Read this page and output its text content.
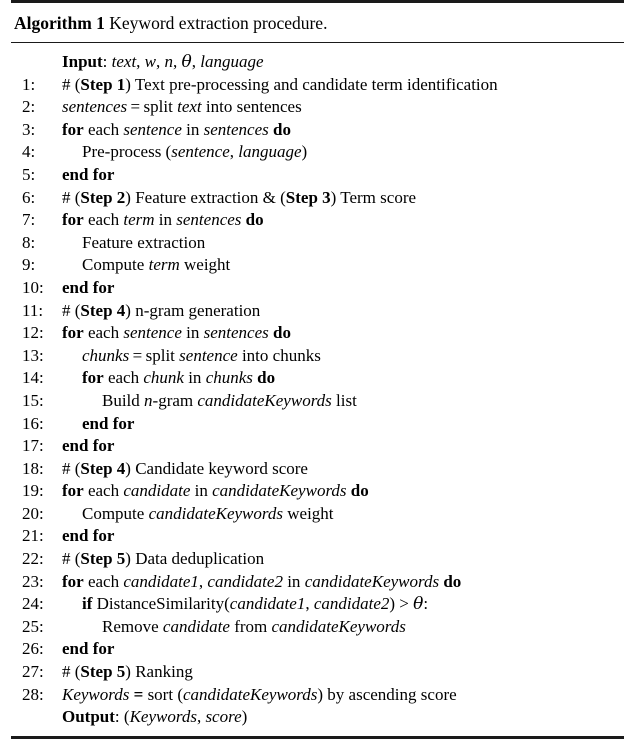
Algorithm 1 Keyword extraction procedure.
Input: text, w, n, θ, language
1:	# (Step 1) Text pre-processing and candidate term identification
2:	sentences = split text into sentences
3:	for each sentence in sentences do
4:	Pre-process (sentence, language)
5:	end for
6:	# (Step 2) Feature extraction & (Step 3) Term score
7:	for each term in sentences do
8:	Feature extraction
9:	Compute term weight
10:	end for
11:	# (Step 4) n-gram generation
12:	for each sentence in sentences do
13:	chunks = split sentence into chunks
14:	for each chunk in chunks do
15:	Build n-gram candidateKeywords list
16:	end for
17:	end for
18:	# (Step 4) Candidate keyword score
19:	for each candidate in candidateKeywords do
20:	Compute candidateKeywords weight
21:	end for
22:	# (Step 5) Data deduplication
23:	for each candidate1, candidate2 in candidateKeywords do
24:	if DistanceSimilarity(candidate1, candidate2) > θ:
25:	Remove candidate from candidateKeywords
26:	end for
27:	# (Step 5) Ranking
28:	Keywords = sort (candidateKeywords) by ascending score
Output: (Keywords, score)
